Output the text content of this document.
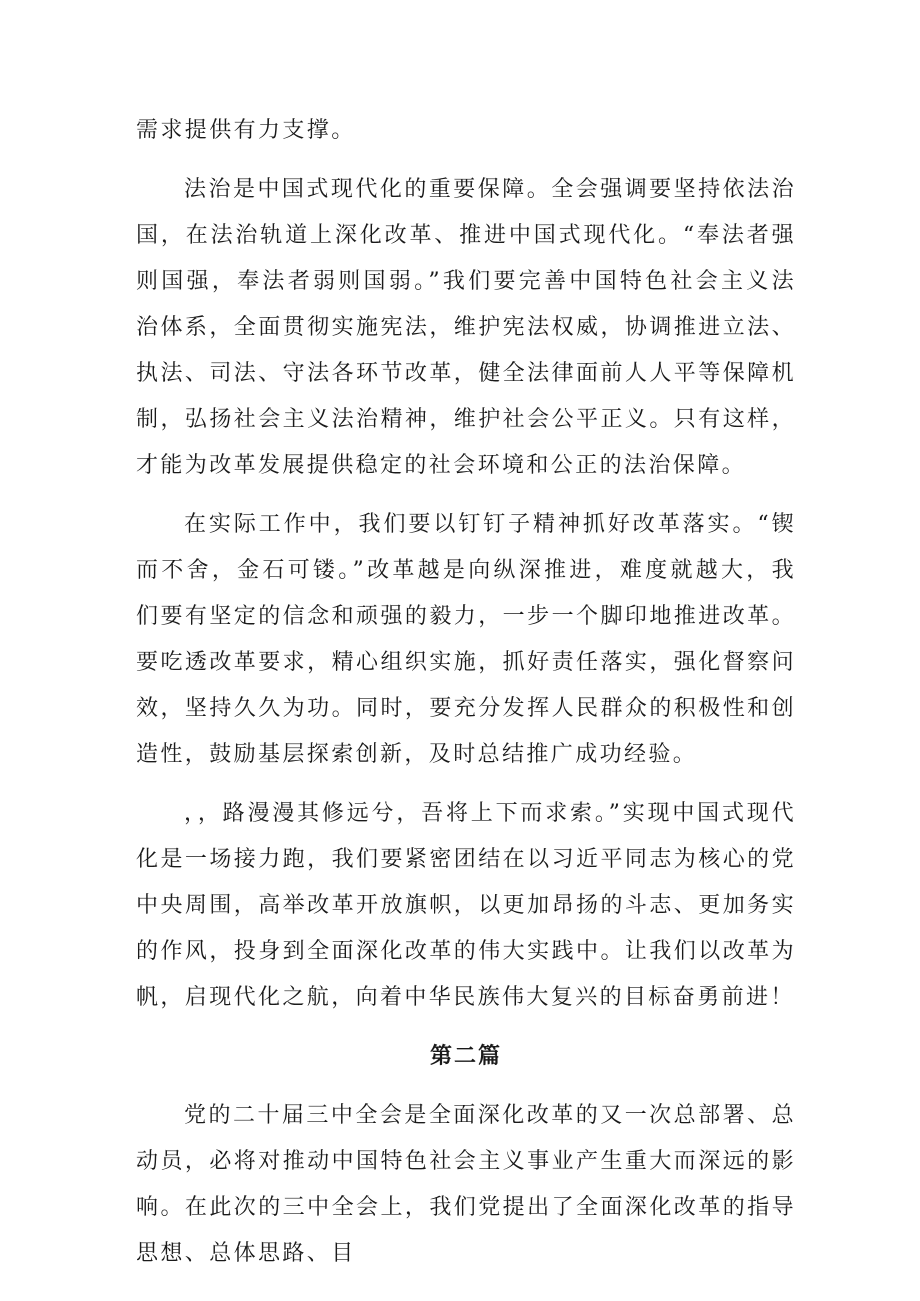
需求提供有力支撑。

法治是中国式现代化的重要保障。全会强调要坚持依法治国，在法治轨道上深化改革、推进中国式现代化。“奉法者强则国强，奉法者弱则国弱。”我们要完善中国特色社会主义法治体系，全面贯彻实施宪法，维护宪法权威，协调推进立法、执法、司法、守法各环节改革，健全法律面前人人平等保障机制，弘扬社会主义法治精神，维护社会公平正义。只有这样，才能为改革发展提供稳定的社会环境和公正的法治保障。

在实际工作中，我们要以钉钉子精神抓好改革落实。“锲而不舍，金石可镂。”改革越是向纵深推进，难度就越大，我们要有坚定的信念和顽强的毅力，一步一个脚印地推进改革。要吃透改革要求，精心组织实施，抓好责任落实，强化督察问效，坚持久久为功。同时，要充分发挥人民群众的积极性和创造性，鼓励基层探索创新，及时总结推广成功经验。

，，路漫漫其修远兮，吾将上下而求索。”实现中国式现代化是一场接力跑，我们要紧密团结在以习近平同志为核心的党中央周围，高举改革开放旗帜，以更加昂扬的斗志、更加务实的作风，投身到全面深化改革的伟大实践中。让我们以改革为帆，启现代化之航，向着中华民族伟大复兴的目标奋勇前进！

第二篇

党的二十届三中全会是全面深化改革的又一次总部署、总动员，必将对推动中国特色社会主义事业产生重大而深远的影响。在此次的三中全会上，我们党提出了全面深化改革的指导思想、总体思路、目
